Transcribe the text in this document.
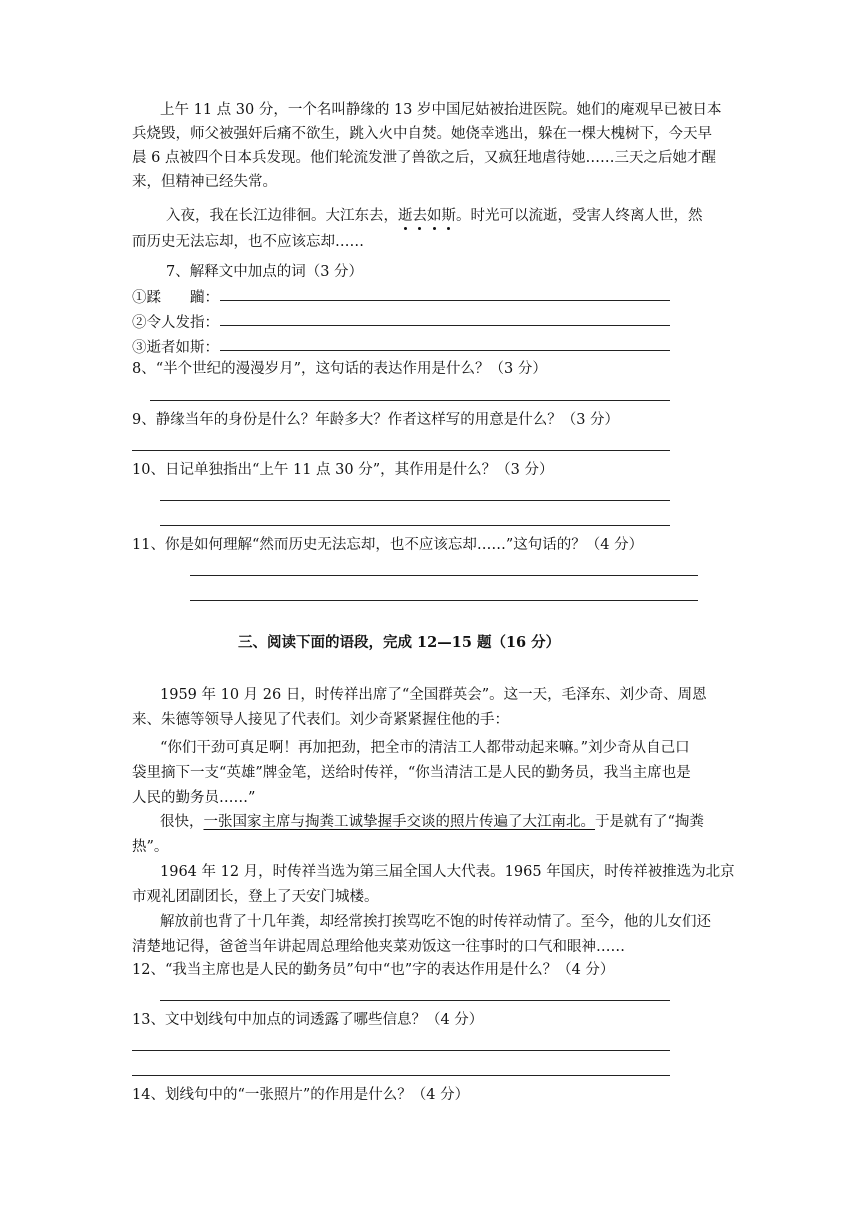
上午 11 点 30 分，一个名叫静缘的 13 岁中国尼姑被抬进医院。她们的庵观早已被日本
兵烧毁，师父被强奸后痛不欲生，跳入火中自焚。她侥幸逃出，躲在一棵大槐树下，今天早
晨 6 点被四个日本兵发现。他们轮流发泄了兽欲之后，又疯狂地虐待她……三天之后她才醒
来，但精神已经失常。
入夜，我在长江边徘徊。大江东去，逝去如斯。时光可以流逝，受害人终离人世，然
而历史无法忘却，也不应该忘却……
7、解释文中加点的词（3 分）
①蹂　　躏：
②令人发指：
③逝者如斯：
8、“半个世纪的漫漫岁月”，这句话的表达作用是什么？（3 分）
9、静缘当年的身份是什么？年龄多大？作者这样写的用意是什么？（3 分）
10、日记单独指出“上午 11 点 30 分”，其作用是什么？（3 分）
11、你是如何理解“然而历史无法忘却，也不应该忘却……”这句话的？（4 分）
三、阅读下面的语段，完成 12—15 题（16 分）
1959 年 10 月 26 日，时传祥出席了“全国群英会”。这一天，毛泽东、刘少奇、周恩
来、朱德等领导人接见了代表们。刘少奇紧紧握住他的手：
“你们干劲可真足啊！再加把劲，把全市的清洁工人都带动起来嘛。”刘少奇从自己口
袋里摘下一支“英雄”牌金笔，送给时传祥，“你当清洁工是人民的勤务员，我当主席也是
人民的勤务员……”
很快，一张国家主席与掏粪工诚挚握手交谈的照片传遍了大江南北。于是就有了“掏粪
热”。
1964 年 12 月，时传祥当选为第三届全国人大代表。1965 年国庆，时传祥被推选为北京
市观礼团副团长，登上了天安门城楼。
解放前也背了十几年粪，却经常挨打挨骂吃不饱的时传祥动情了。至今，他的儿女们还
清楚地记得，爸爸当年讲起周总理给他夹菜劝饭这一往事时的口气和眼神……
12、“我当主席也是人民的勤务员”句中“也”字的表达作用是什么？（4 分）
13、文中划线句中加点的词透露了哪些信息？（4 分）
14、划线句中的“一张照片”的作用是什么？（4 分）
